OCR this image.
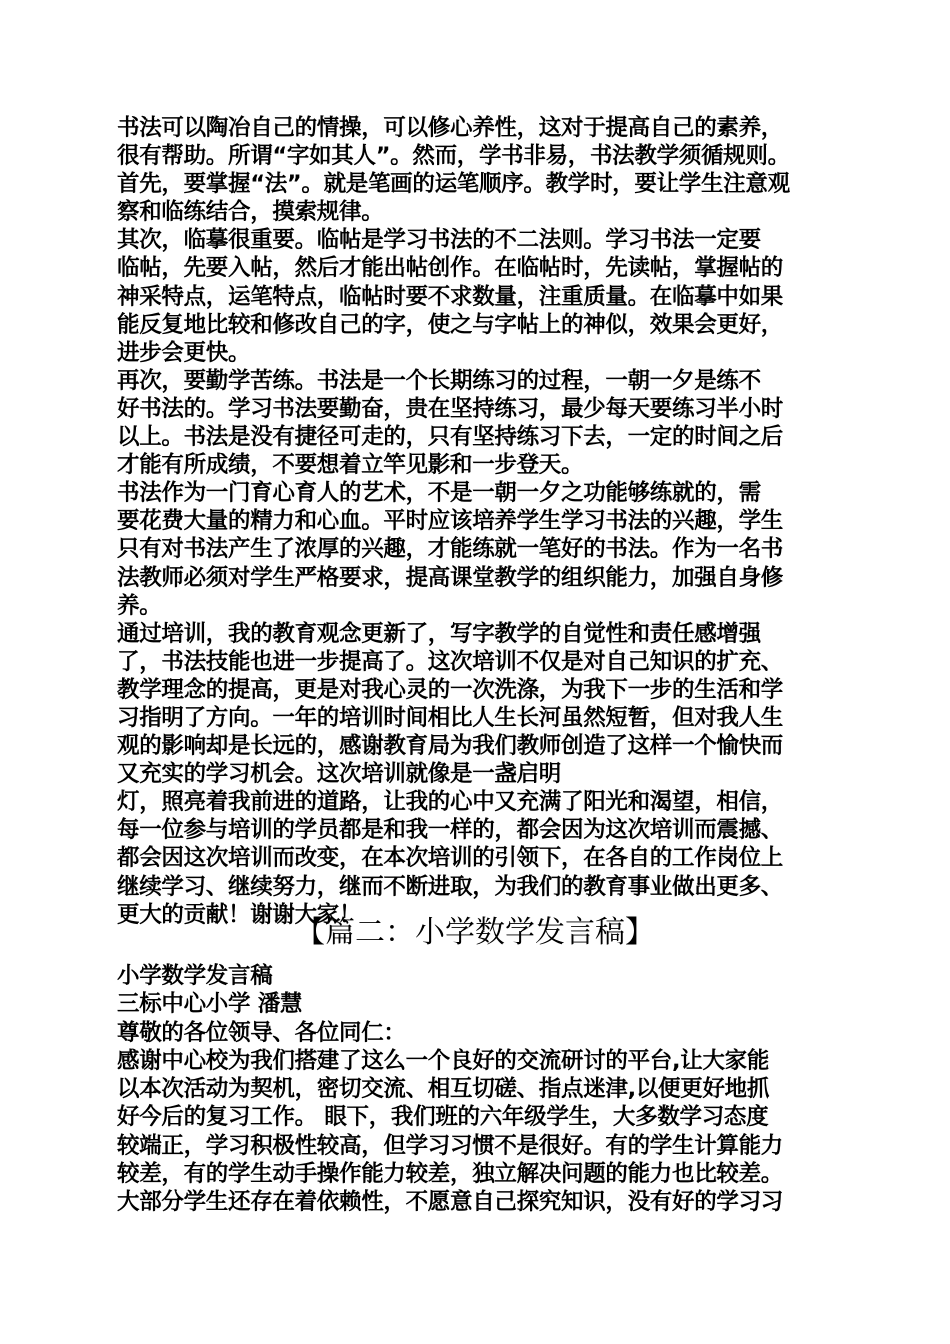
书法可以陶冶自己的情操，可以修心养性，这对于提高自己的素养，
很有帮助。所谓“字如其人”。然而，学书非易，书法教学须循规则。
首先，要掌握“法”。就是笔画的运笔顺序。教学时，要让学生注意观
察和临练结合，摸索规律。
其次，临摹很重要。临帖是学习书法的不二法则。学习书法一定要
临帖，先要入帖，然后才能出帖创作。在临帖时，先读帖，掌握帖的
神采特点，运笔特点，临帖时要不求数量，注重质量。在临摹中如果
能反复地比较和修改自己的字，使之与字帖上的神似，效果会更好，
进步会更快。
再次，要勤学苦练。书法是一个长期练习的过程，一朝一夕是练不
好书法的。学习书法要勤奋，贵在坚持练习，最少每天要练习半小时
以上。书法是没有捷径可走的，只有坚持练习下去，一定的时间之后
才能有所成绩，不要想着立竿见影和一步登天。
书法作为一门育心育人的艺术，不是一朝一夕之功能够练就的，需
要花费大量的精力和心血。平时应该培养学生学习书法的兴趣，学生
只有对书法产生了浓厚的兴趣，才能练就一笔好的书法。作为一名书
法教师必须对学生严格要求，提高课堂教学的组织能力，加强自身修
养。
通过培训，我的教育观念更新了，写字教学的自觉性和责任感增强
了，书法技能也进一步提高了。这次培训不仅是对自己知识的扩充、
教学理念的提高，更是对我心灵的一次洗涤，为我下一步的生活和学
习指明了方向。一年的培训时间相比人生长河虽然短暂，但对我人生
观的影响却是长远的，感谢教育局为我们教师创造了这样一个愉快而
又充实的学习机会。这次培训就像是一盏启明
灯，照亮着我前进的道路，让我的心中又充满了阳光和渴望，相信，
每一位参与培训的学员都是和我一样的，都会因为这次培训而震撼、
都会因这次培训而改变，在本次培训的引领下，在各自的工作岗位上
继续学习、继续努力，继而不断进取，为我们的教育事业做出更多、
更大的贡献！谢谢大家！
【篇二：小学数学发言稿】
小学数学发言稿
三标中心小学 潘慧
尊敬的各位领导、各位同仁：
感谢中心校为我们搭建了这么一个良好的交流研讨的平台,让大家能
以本次活动为契机，密切交流、相互切磋、指点迷津,以便更好地抓
好今后的复习工作。 眼下，我们班的六年级学生，大多数学习态度
较端正，学习积极性较高，但学习习惯不是很好。有的学生计算能力
较差，有的学生动手操作能力较差，独立解决问题的能力也比较差。
大部分学生还存在着依赖性，不愿意自己探究知识，没有好的学习习
